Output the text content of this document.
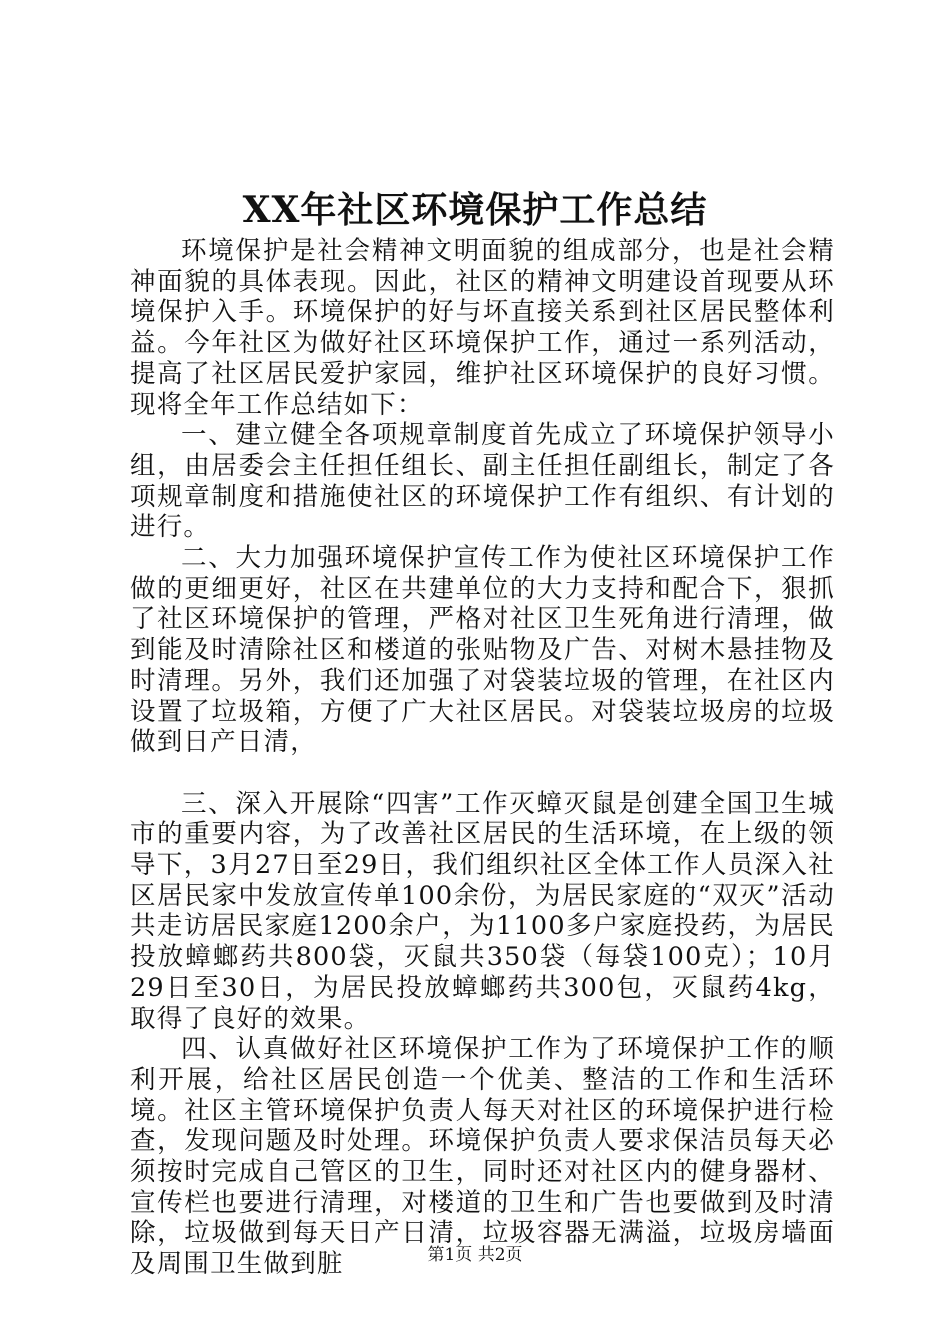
XX年社区环境保护工作总结

环境保护是社会精神文明面貌的组成部分，也是社会精神面貌的具体表现。因此，社区的精神文明建设首现要从环境保护入手。环境保护的好与坏直接关系到社区居民整体利益。今年社区为做好社区环境保护工作，通过一系列活动，提高了社区居民爱护家园，维护社区环境保护的良好习惯。现将全年工作总结如下：

一、建立健全各项规章制度首先成立了环境保护领导小组，由居委会主任担任组长、副主任担任副组长，制定了各项规章制度和措施使社区的环境保护工作有组织、有计划的进行。

二、大力加强环境保护宣传工作为使社区环境保护工作做的更细更好，社区在共建单位的大力支持和配合下，狠抓了社区环境保护的管理，严格对社区卫生死角进行清理，做到能及时清除社区和楼道的张贴物及广告、对树木悬挂物及时清理。另外，我们还加强了对袋装垃圾的管理，在社区内设置了垃圾箱，方便了广大社区居民。对袋装垃圾房的垃圾做到日产日清，

三、深入开展除“四害”工作灭蟑灭鼠是创建全国卫生城市的重要内容，为了改善社区居民的生活环境，在上级的领导下，3月27日至29日，我们组织社区全体工作人员深入社区居民家中发放宣传单100余份，为居民家庭的“双灭”活动共走访居民家庭1200余户，为1100多户家庭投药，为居民投放蟑螂药共800袋，灭鼠共350袋（每袋100克）；10月29日至30日，为居民投放蟑螂药共300包，灭鼠药4kg，取得了良好的效果。

四、认真做好社区环境保护工作为了环境保护工作的顺利开展，给社区居民创造一个优美、整洁的工作和生活环境。社区主管环境保护负责人每天对社区的环境保护进行检查，发现问题及时处理。环境保护负责人要求保洁员每天必须按时完成自己管区的卫生，同时还对社区内的健身器材、宣传栏也要进行清理，对楼道的卫生和广告也要做到及时清除，垃圾做到每天日产日清，垃圾容器无满溢，垃圾房墙面及周围卫生做到脏	第1页 共2页
